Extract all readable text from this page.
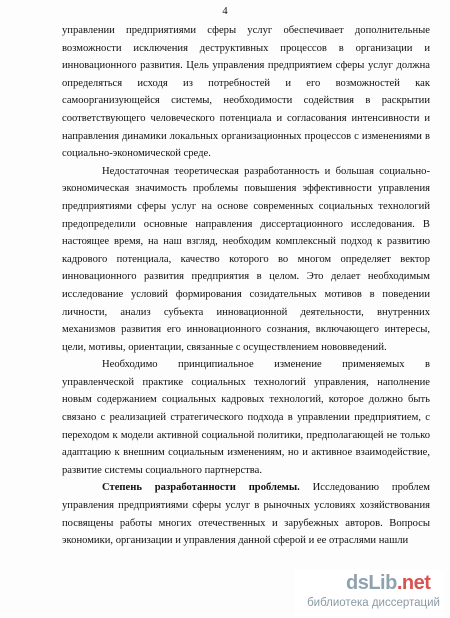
4

управлении предприятиями сферы услуг обеспечивает дополнительные возможности исключения деструктивных процессов в организации и инновационного развития. Цель управления предприятием сферы услуг должна определяться исходя из потребностей и его возможностей как самоорганизующейся системы, необходимости содействия в раскрытии соответствующего человеческого потенциала и согласования интенсивности и направления динамики локальных организационных процессов с изменениями в социально-экономической среде.

Недостаточная теоретическая разработанность и большая социально-экономическая значимость проблемы повышения эффективности управления предприятиями сферы услуг на основе современных социальных технологий предопределили основные направления диссертационного исследования. В настоящее время, на наш взгляд, необходим комплексный подход к развитию кадрового потенциала, качество которого во многом определяет вектор инновационного развития предприятия в целом. Это делает необходимым исследование условий формирования созидательных мотивов в поведении личности, анализ субъекта инновационной деятельности, внутренних механизмов развития его инновационного сознания, включающего интересы, цели, мотивы, ориентации, связанные с осуществлением нововведений.

Необходимо принципиальное изменение применяемых в управленческой практике социальных технологий управления, наполнение новым содержанием социальных кадровых технологий, которое должно быть связано с реализацией стратегического подхода в управлении предприятием, с переходом к модели активной социальной политики, предполагающей не только адаптацию к внешним социальным изменениям, но и активное взаимодействие, развитие системы социального партнерства.

Степень разработанности проблемы. Исследованию проблем управления предприятиями сферы услуг в рыночных условиях хозяйствования посвящены работы многих отечественных и зарубежных авторов. Вопросы экономики, организации и управления данной сферой и ее отраслями нашли

dsLib.net
библиотека диссертаций
